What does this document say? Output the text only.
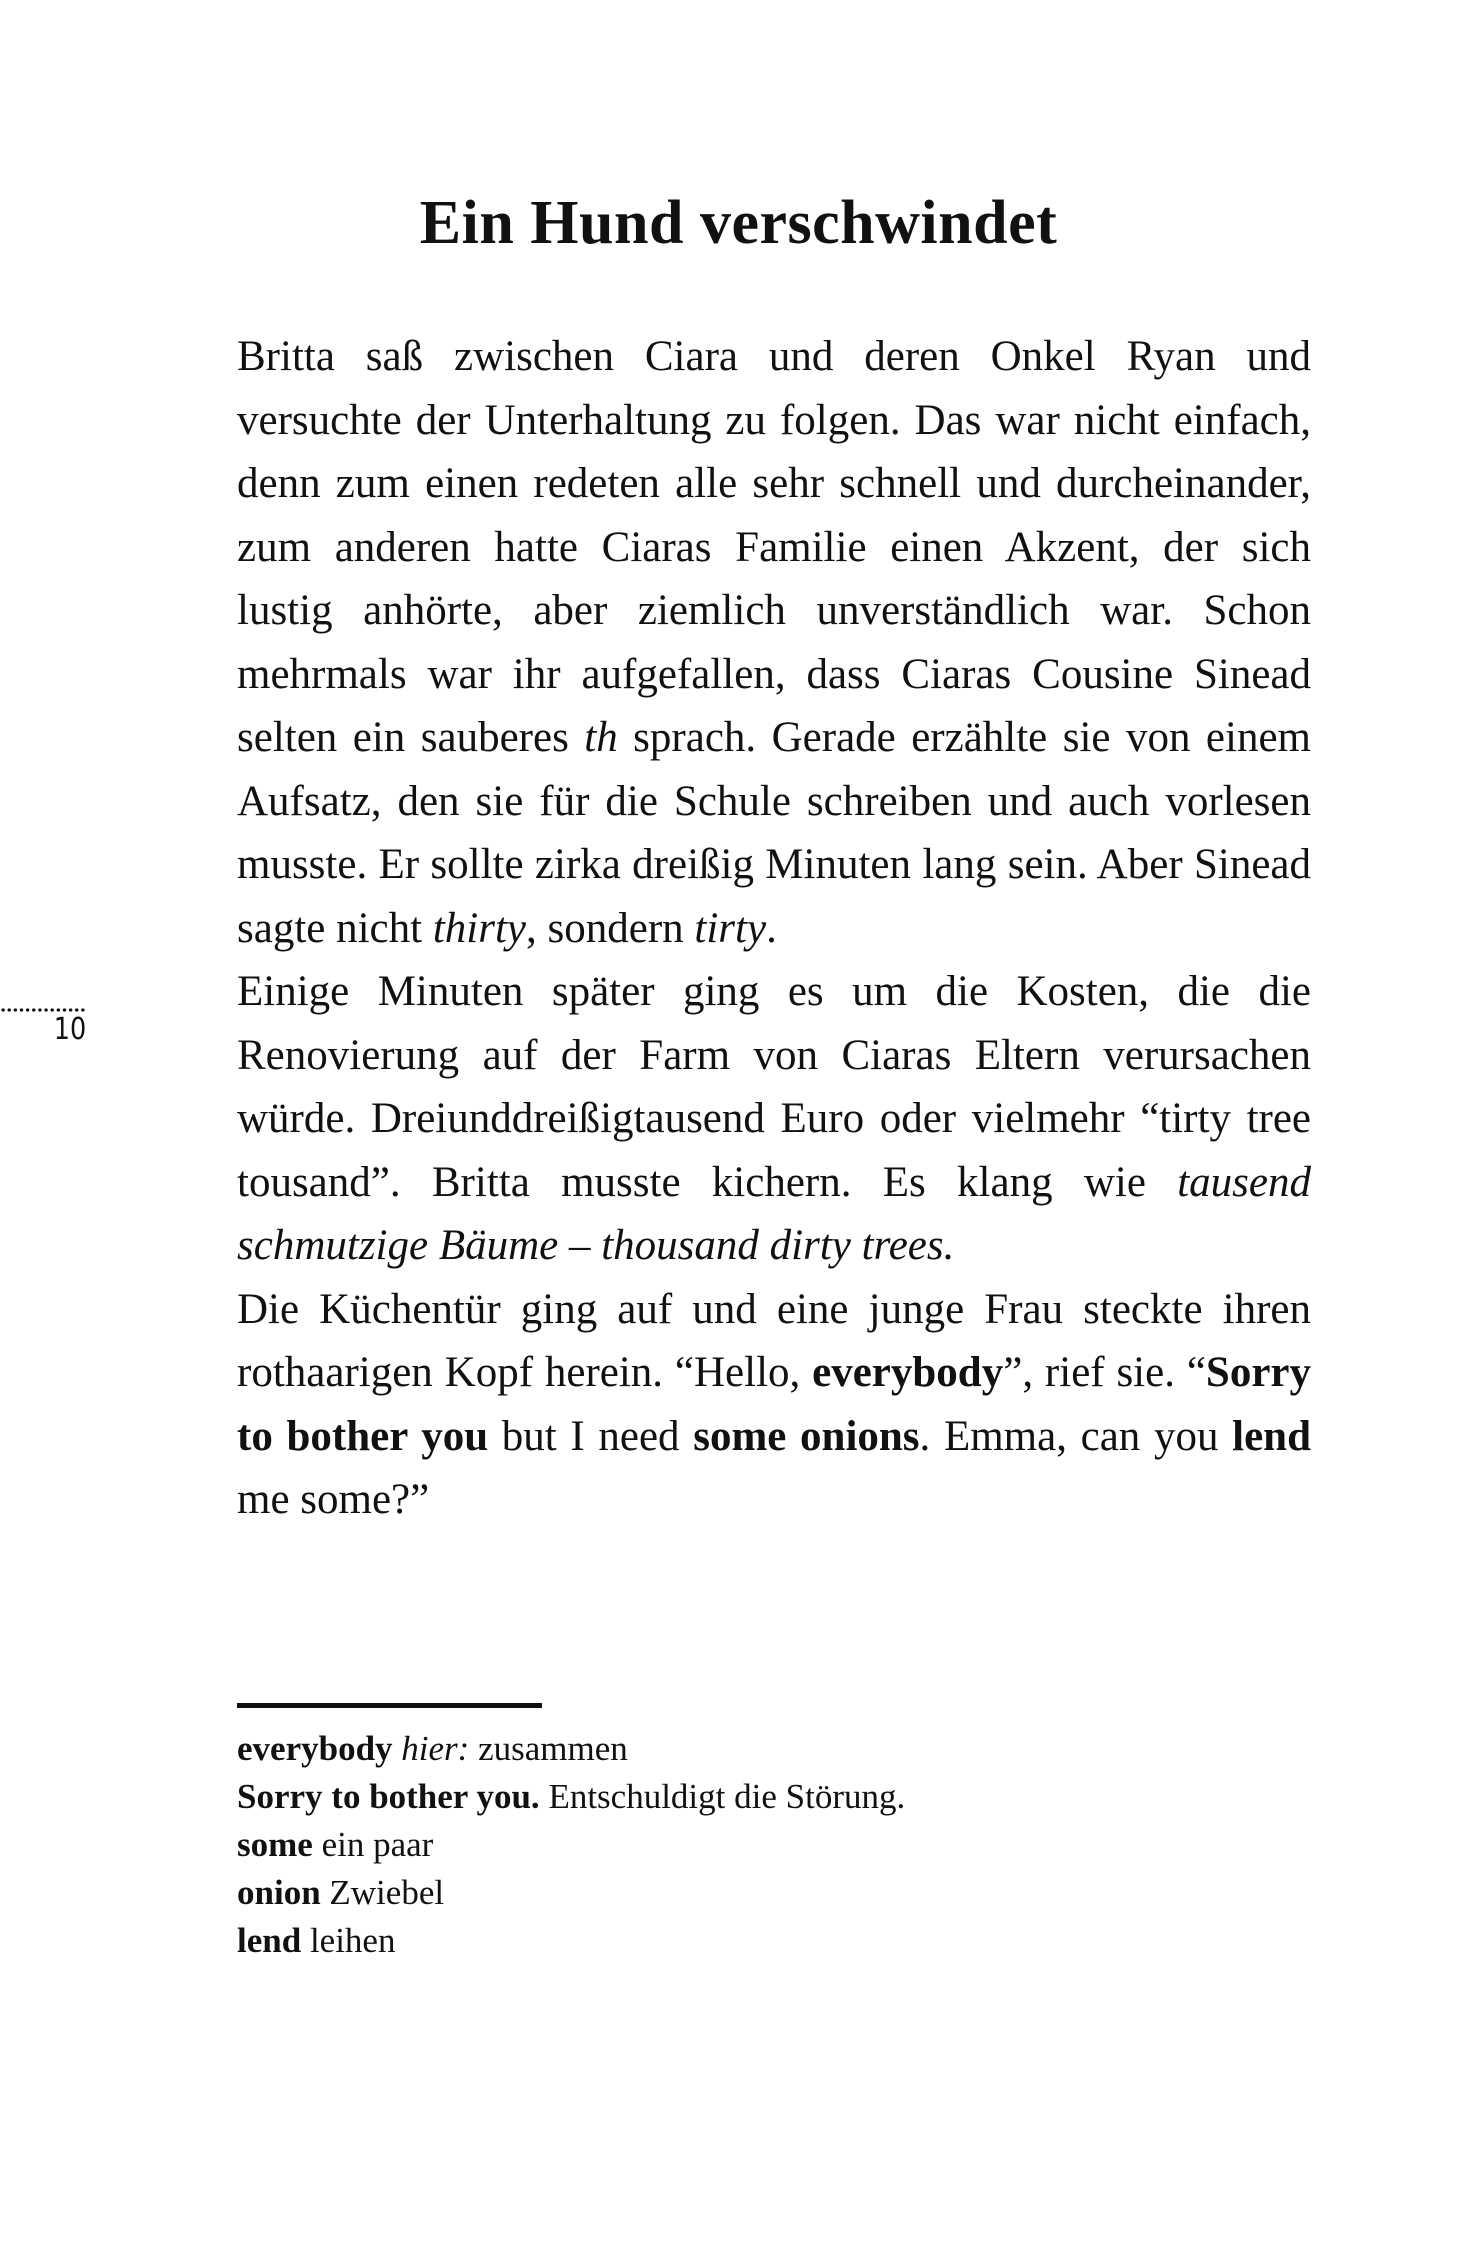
Ein Hund verschwindet

Britta saß zwischen Ciara und deren Onkel Ryan und versuchte der Unterhaltung zu folgen. Das war nicht einfach, denn zum einen redeten alle sehr schnell und durcheinander, zum anderen hatte Ciaras Familie einen Akzent, der sich lustig anhörte, aber ziemlich unverständlich war. Schon mehrmals war ihr aufgefallen, dass Ciaras Cousine Sinead selten ein sauberes th sprach. Gerade erzählte sie von einem Aufsatz, den sie für die Schule schreiben und auch vorlesen musste. Er sollte zirka dreißig Minuten lang sein. Aber Sinead sagte nicht thirty, sondern tirty.

Einige Minuten später ging es um die Kosten, die die Renovierung auf der Farm von Ciaras Eltern verursachen würde. Dreiunddreißigtausend Euro oder vielmehr “tirty tree tousand”. Britta musste kichern. Es klang wie tausend schmutzige Bäume – thousand dirty trees.

Die Küchentür ging auf und eine junge Frau steckte ihren rothaarigen Kopf herein. “Hello, everybody”, rief sie. “Sorry to bother you but I need some onions. Emma, can you lend me some?”

10
everybody hier: zusammen
Sorry to bother you. Entschuldigt die Störung.
some ein paar
onion Zwiebel
lend leihen
